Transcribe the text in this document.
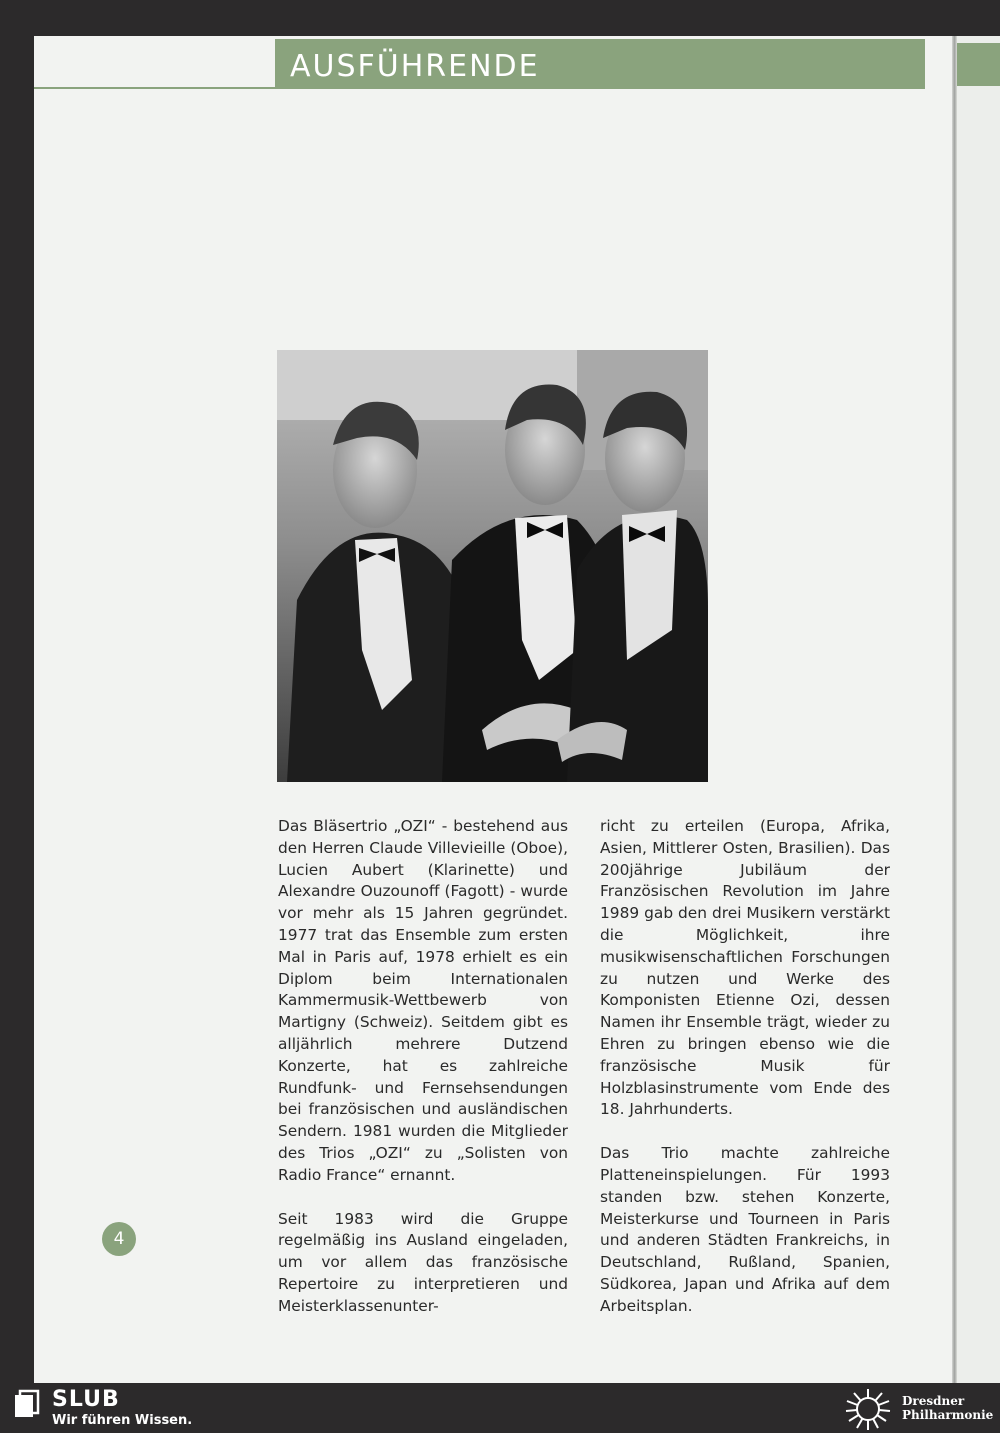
AUSFÜHRENDE

Das Bläsertrio „OZI“ - bestehend aus den Herren Claude Villevieille (Oboe), Lucien Aubert (Klarinette) und Alexandre Ouzounoff (Fagott) - wurde vor mehr als 15 Jahren gegründet. 1977 trat das Ensemble zum ersten Mal in Paris auf, 1978 erhielt es ein Diplom beim Internationalen Kammermusik-Wettbewerb von Martigny (Schweiz). Seitdem gibt es alljährlich mehrere Dutzend Konzerte, hat es zahlreiche Rundfunk- und Fernsehsendungen bei französischen und ausländischen Sendern. 1981 wurden die Mitglieder des Trios „OZI“ zu „Solisten von Radio France“ ernannt.

Seit 1983 wird die Gruppe regelmäßig ins Ausland eingeladen, um vor allem das französische Repertoire zu interpretieren und Meisterklassenunter-

richt zu erteilen (Europa, Afrika, Asien, Mittlerer Osten, Brasilien). Das 200jährige Jubiläum der Französischen Revolution im Jahre 1989 gab den drei Musikern verstärkt die Möglichkeit, ihre musikwisenschaftlichen Forschungen zu nutzen und Werke des Komponisten Etienne Ozi, dessen Namen ihr Ensemble trägt, wieder zu Ehren zu bringen ebenso wie die französische Musik für Holzblasinstrumente vom Ende des 18. Jahrhunderts.

Das Trio machte zahlreiche Platteneinspielungen. Für 1993 standen bzw. stehen Konzerte, Meisterkurse und Tourneen in Paris und anderen Städten Frankreichs, in Deutschland, Rußland, Spanien, Südkorea, Japan und Afrika auf dem Arbeitsplan.

4
SLUB
Wir führen Wissen.
Dresdner
Philharmonie
